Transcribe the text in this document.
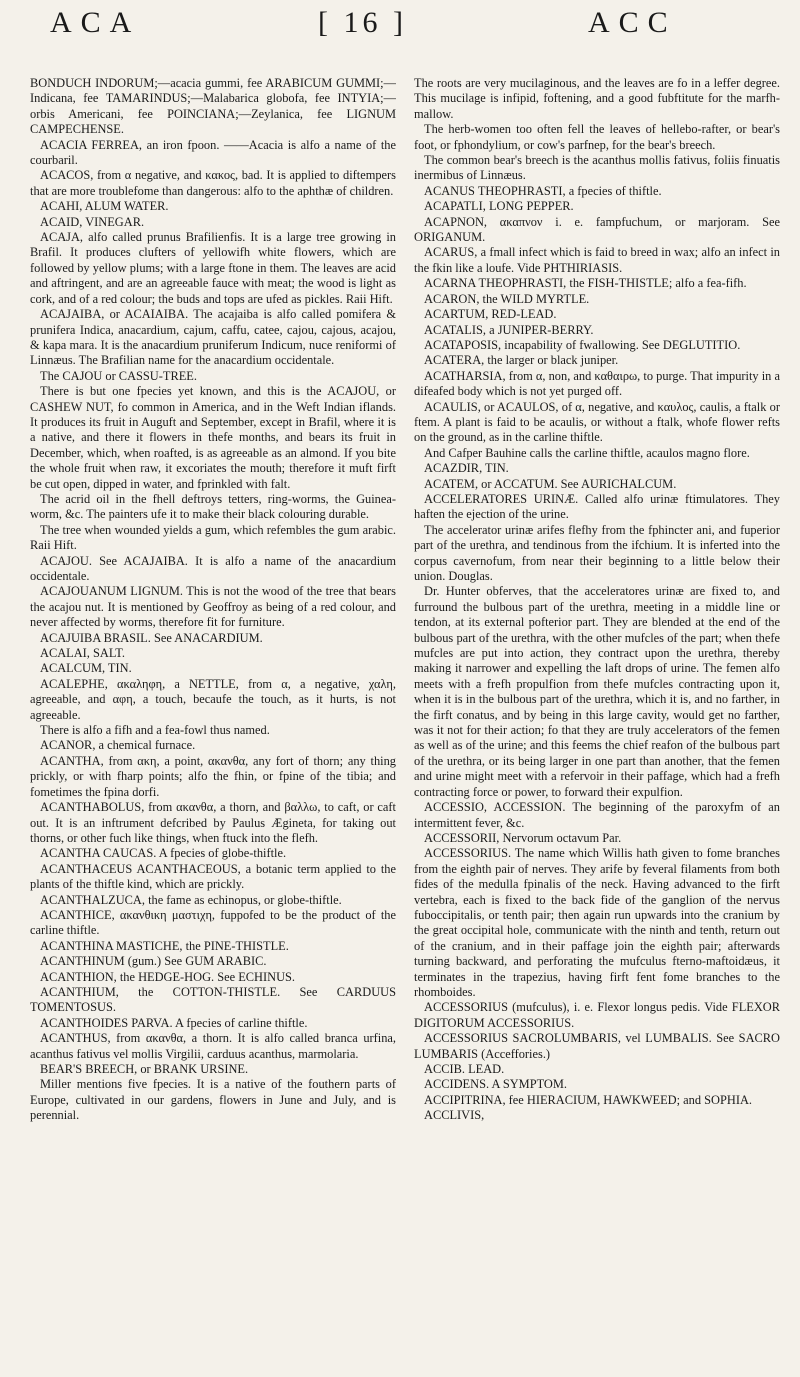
ACA	[ 16 ]	ACC

BONDUCH INDORUM;—acacia gummi, fee ARABICUM GUMMI;—Indicana, fee TAMARINDUS;—Malabarica globofa, fee INTYIA;—orbis Americani, fee POINCIANA;—Zeylanica, fee LIGNUM CAMPECHENSE.

ACACIA FERREA, an iron fpoon. ——Acacia is alfo a name of the courbaril.

ACACOS, from α negative, and κακος, bad. It is applied to diftempers that are more troublefome than dangerous: alfo to the aphthæ of children.

ACAHI, ALUM WATER.

ACAID, VINEGAR.

ACAJA, alfo called prunus Brafilienfis. It is a large tree growing in Brafil. It produces clufters of yellowifh white flowers, which are followed by yellow plums; with a large ftone in them. The leaves are acid and aftringent, and are an agreeable fauce with meat; the wood is light as cork, and of a red colour; the buds and tops are ufed as pickles. Raii Hift.

ACAJAIBA, or ACAIAIBA. The acajaiba is alfo called pomifera & prunifera Indica, anacardium, cajum, caffu, catee, cajou, cajous, acajou, & kapa mara. It is the anacardium pruniferum Indicum, nuce reniformi of Linnæus. The Brafilian name for the anacardium occidentale.

The CAJOU or CASSU-TREE.

There is but one fpecies yet known, and this is the ACAJOU, or CASHEW NUT, fo common in America, and in the Weft Indian iflands. It produces its fruit in Auguft and September, except in Brafil, where it is a native, and there it flowers in thefe months, and bears its fruit in December, which, when roafted, is as agreeable as an almond. If you bite the whole fruit when raw, it excoriates the mouth; therefore it muft firft be cut open, dipped in water, and fprinkled with falt.

The acrid oil in the fhell deftroys tetters, ring-worms, the Guinea-worm, &c. The painters ufe it to make their black colouring durable.

The tree when wounded yields a gum, which refembles the gum arabic. Raii Hift.

ACAJOU. See ACAJAIBA. It is alfo a name of the anacardium occidentale.

ACAJOUANUM LIGNUM. This is not the wood of the tree that bears the acajou nut. It is mentioned by Geoffroy as being of a red colour, and never affected by worms, therefore fit for furniture.

ACAJUIBA BRASIL. See ANACARDIUM.

ACALAI, SALT.

ACALCUM, TIN.

ACALEPHE, ακαληφη, a NETTLE, from α, a negative, χαλη, agreeable, and αφη, a touch, becaufe the touch, as it hurts, is not agreeable.

There is alfo a fifh and a fea-fowl thus named.

ACANOR, a chemical furnace.

ACANTHA, from ακη, a point, ακανθα, any fort of thorn; any thing prickly, or with fharp points; alfo the fhin, or fpine of the tibia; and fometimes the fpina dorfi.

ACANTHABOLUS, from ακανθα, a thorn, and βαλλω, to caft, or caft out. It is an inftrument defcribed by Paulus Ægineta, for taking out thorns, or other fuch like things, when ftuck into the flefh.

ACANTHA CAUCAS. A fpecies of globe-thiftle.

ACANTHACEUS ACANTHACEOUS, a botanic term applied to the plants of the thiftle kind, which are prickly.

ACANTHALZUCA, the fame as echinopus, or globe-thiftle.

ACANTHICE, ακανθικη μαστιχη, fuppofed to be the product of the carline thiftle.

ACANTHINA MASTICHE, the PINE-THISTLE.

ACANTHINUM (gum.) See GUM ARABIC.

ACANTHION, the HEDGE-HOG. See ECHINUS.

ACANTHIUM, the COTTON-THISTLE. See CARDUUS TOMENTOSUS.

ACANTHOIDES PARVA. A fpecies of carline thiftle.

ACANTHUS, from ακανθα, a thorn. It is alfo called branca urfina, acanthus fativus vel mollis Virgilii, carduus acanthus, marmolaria.

BEAR'S BREECH, or BRANK URSINE.

Miller mentions five fpecies. It is a native of the fouthern parts of Europe, cultivated in our gardens, flowers in June and July, and is perennial.

The roots are very mucilaginous, and the leaves are fo in a leffer degree. This mucilage is infipid, foftening, and a good fubftitute for the marfh-mallow.

The herb-women too often fell the leaves of hellebo-rafter, or bear's foot, or fphondylium, or cow's parfnep, for the bear's breech.

The common bear's breech is the acanthus mollis fativus, foliis finuatis inermibus of Linnæus.

ACANUS THEOPHRASTI, a fpecies of thiftle.

ACAPATLI, LONG PEPPER.

ACAPNON, ακαπνον i. e. fampfuchum, or marjoram. See ORIGANUM.

ACARUS, a fmall infect which is faid to breed in wax; alfo an infect in the fkin like a loufe. Vide PHTHIRIASIS.

ACARNA THEOPHRASTI, the FISH-THISTLE; alfo a fea-fifh.

ACARON, the WILD MYRTLE.

ACARTUM, RED-LEAD.

ACATALIS, a JUNIPER-BERRY.

ACATAPOSIS, incapability of fwallowing. See DEGLUTITIO.

ACATERA, the larger or black juniper.

ACATHARSIA, from α, non, and καθαιρω, to purge. That impurity in a difeafed body which is not yet purged off.

ACAULIS, or ACAULOS, of α, negative, and καυλος, caulis, a ftalk or ftem. A plant is faid to be acaulis, or without a ftalk, whofe flower refts on the ground, as in the carline thiftle.

And Cafper Bauhine calls the carline thiftle, acaulos magno flore.

ACAZDIR, TIN.

ACATEM, or ACCATUM. See AURICHALCUM.

ACCELERATORES URINÆ. Called alfo urinæ ftimulatores. They haften the ejection of the urine.

The accelerator urinæ arifes flefhy from the fphincter ani, and fuperior part of the urethra, and tendinous from the ifchium. It is inferted into the corpus cavernofum, from near their beginning to a little below their union. Douglas.

Dr. Hunter obferves, that the acceleratores urinæ are fixed to, and furround the bulbous part of the urethra, meeting in a middle line or tendon, at its external pofterior part. They are blended at the end of the bulbous part of the urethra, with the other mufcles of the part; when thefe mufcles are put into action, they contract upon the urethra, thereby making it narrower and expelling the laft drops of urine. The femen alfo meets with a frefh propulfion from thefe mufcles contracting upon it, when it is in the bulbous part of the urethra, which it is, and no farther, in the firft conatus, and by being in this large cavity, would get no farther, was it not for their action; fo that they are truly accelerators of the femen as well as of the urine; and this feems the chief reafon of the bulbous part of the urethra, or its being larger in one part than another, that the femen and urine might meet with a refervoir in their paffage, which had a frefh contracting force or power, to forward their expulfion.

ACCESSIO, ACCESSION. The beginning of the paroxyfm of an intermittent fever, &c.

ACCESSORII, Nervorum octavum Par.

ACCESSORIUS. The name which Willis hath given to fome branches from the eighth pair of nerves. They arife by feveral filaments from both fides of the medulla fpinalis of the neck. Having advanced to the firft vertebra, each is fixed to the back fide of the ganglion of the nervus fuboccipitalis, or tenth pair; then again run upwards into the cranium by the great occipital hole, communicate with the ninth and tenth, return out of the cranium, and in their paffage join the eighth pair; afterwards turning backward, and perforating the mufculus fterno-maftoidæus, it terminates in the trapezius, having firft fent fome branches to the rhomboides.

ACCESSORIUS (mufculus), i. e. Flexor longus pedis. Vide FLEXOR DIGITORUM ACCESSORIUS.

ACCESSORIUS SACROLUMBARIS, vel LUMBALIS. See SACRO LUMBARIS (Acceffories.)

ACCIB. LEAD.

ACCIDENS. A SYMPTOM.

ACCIPITRINA, fee HIERACIUM, HAWKWEED; and SOPHIA.

ACCLIVIS,
